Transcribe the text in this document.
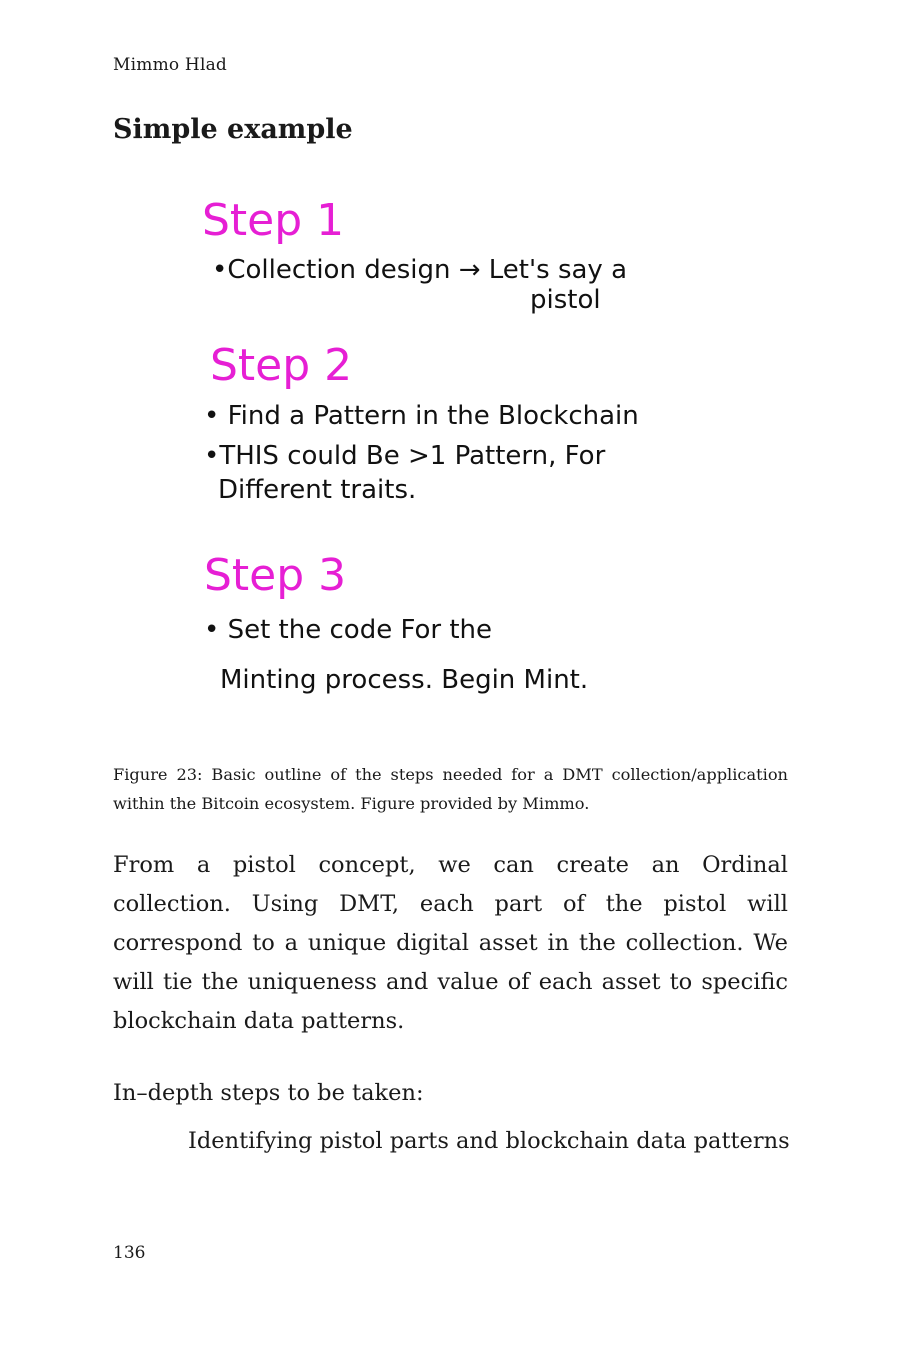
Mimmo Hlad
Simple example
Step 1
•Collection design → Let's say a
pistol
Step 2
• Find a Pattern in the Blockchain
•THIS could Be >1 Pattern, For
Different traits.
Step 3
• Set the code For the
Minting process. Begin Mint.

Figure 23: Basic outline of the steps needed for a DMT collection/application within the Bitcoin ecosystem. Figure provided by Mimmo.

From a pistol concept, we can create an Ordinal collection. Using DMT, each part of the pistol will correspond to a unique digital asset in the collection. We will tie the uniqueness and value of each asset to specific blockchain data patterns.

In–depth steps to be taken:

Identifying pistol parts and blockchain data patterns

136
